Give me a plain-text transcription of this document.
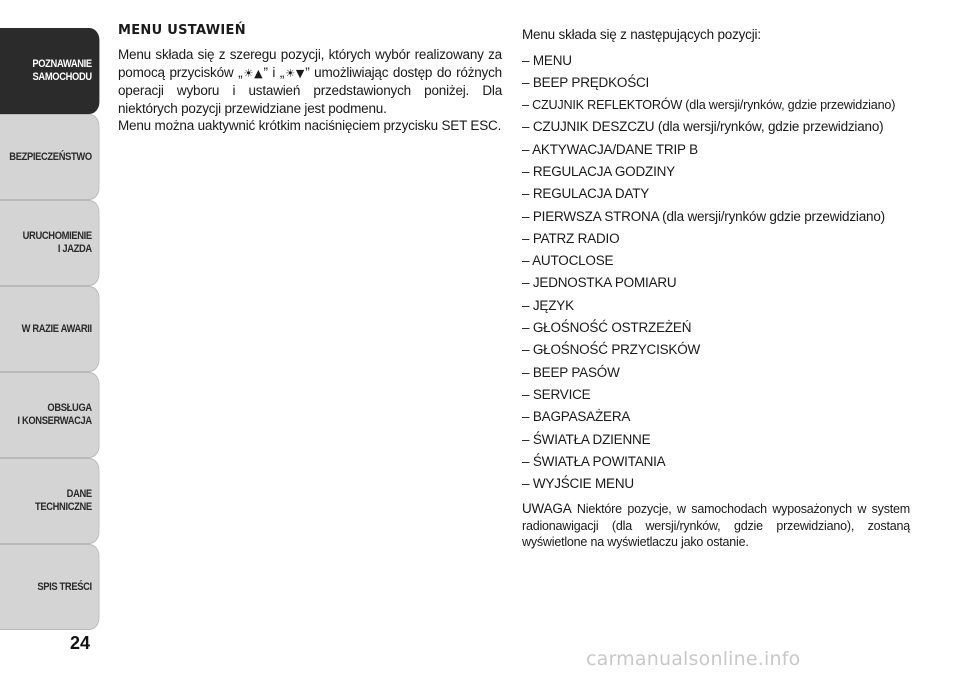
POZNAWANIE
SAMOCHODU
BEZPIECZEŃSTWO
URUCHOMIENIE
I JAZDA
W RAZIE AWARII
OBSŁUGA
I KONSERWACJA
DANE
TECHNICZNE
SPIS TREŚCI
24
MENU USTAWIEŃ

Menu składa się z szeregu pozycji, których wybór realizowany za pomocą przycisków „☀▲” i „☀▼” umożliwiając dostęp do różnych operacji wyboru i ustawień przedstawionych poniżej. Dla niektórych pozycji przewidziane jest podmenu.

Menu można uaktywnić krótkim naciśnięciem przycisku SET ESC.

Menu składa się z następujących pozycji:

– MENU
– BEEP PRĘDKOŚCI
– CZUJNIK REFLEKTORÓW (dla wersji/rynków, gdzie przewidziano)
– CZUJNIK DESZCZU (dla wersji/rynków, gdzie przewidziano)
– AKTYWACJA/DANE TRIP B
– REGULACJA GODZINY
– REGULACJA DATY
– PIERWSZA STRONA (dla wersji/rynków gdzie przewidziano)
– PATRZ RADIO
– AUTOCLOSE
– JEDNOSTKA POMIARU
– JĘZYK
– GŁOŚNOŚĆ OSTRZEŻEŃ
– GŁOŚNOŚĆ PRZYCISKÓW
– BEEP PASÓW
– SERVICE
– BAGPASAŻERA
– ŚWIATŁA DZIENNE
– ŚWIATŁA POWITANIA
– WYJŚCIE MENU

UWAGA Niektóre pozycje, w samochodach wyposażonych w system radionawigacji (dla wersji/rynków, gdzie przewidziano), zostaną wyświetlone na wyświetlaczu jako ostanie.

carmanualsonline.info
